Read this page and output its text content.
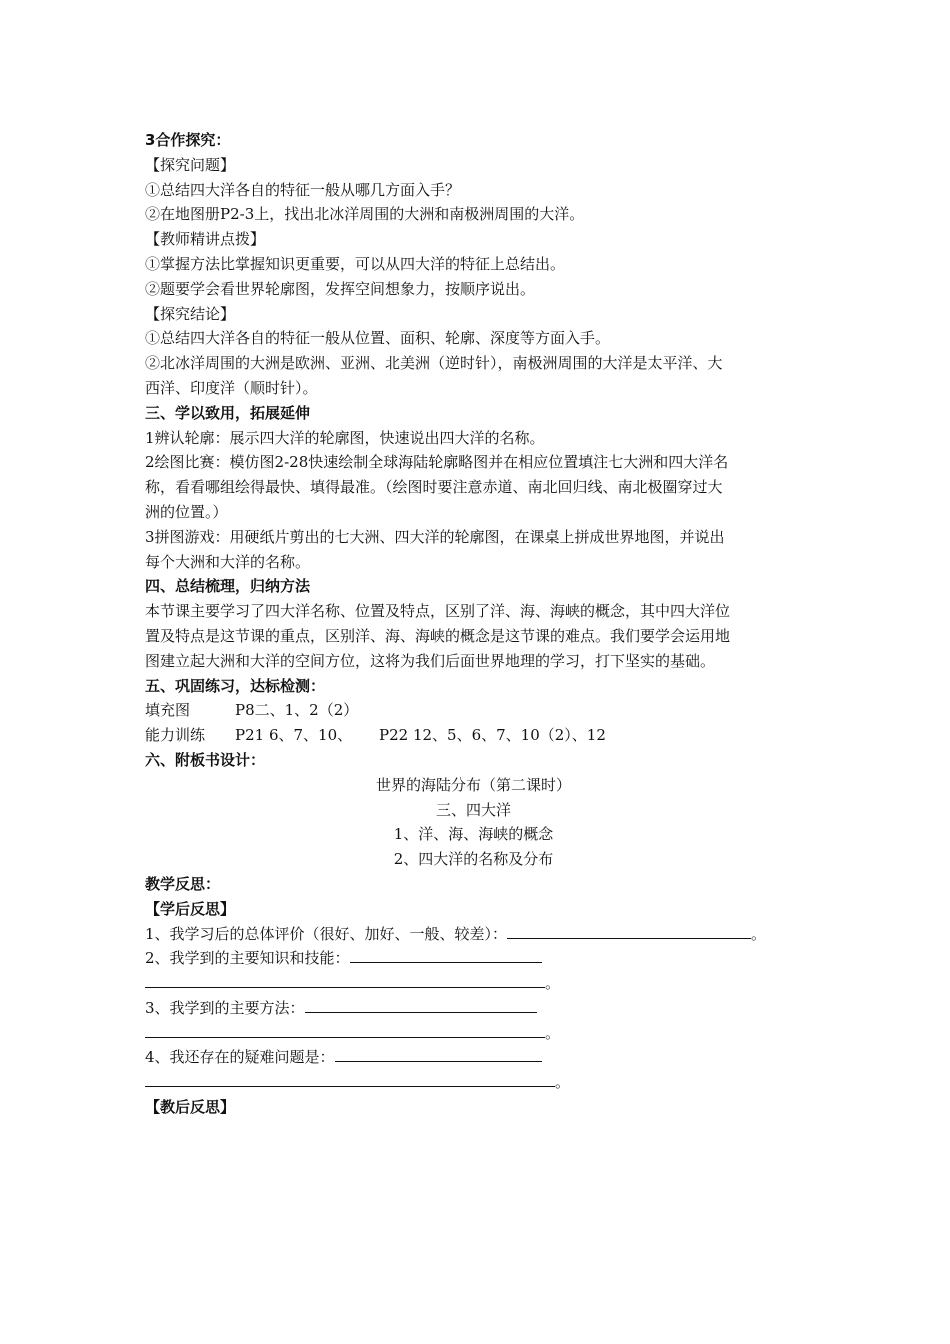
3合作探究：
【探究问题】
①总结四大洋各自的特征一般从哪几方面入手？
②在地图册P2-3上，找出北冰洋周围的大洲和南极洲周围的大洋。
【教师精讲点拨】
①掌握方法比掌握知识更重要，可以从四大洋的特征上总结出。
②题要学会看世界轮廓图，发挥空间想象力，按顺序说出。
【探究结论】
①总结四大洋各自的特征一般从位置、面积、轮廓、深度等方面入手。
②北冰洋周围的大洲是欧洲、亚洲、北美洲（逆时针），南极洲周围的大洋是太平洋、大
西洋、印度洋（顺时针）。
三、学以致用，拓展延伸
1辨认轮廓：展示四大洋的轮廓图，快速说出四大洋的名称。
2绘图比赛：模仿图2-28快速绘制全球海陆轮廓略图并在相应位置填注七大洲和四大洋名
称，看看哪组绘得最快、填得最准。（绘图时要注意赤道、南北回归线、南北极圈穿过大
洲的位置。）
3拼图游戏：用硬纸片剪出的七大洲、四大洋的轮廓图，在课桌上拼成世界地图，并说出
每个大洲和大洋的名称。
四、总结梳理，归纳方法
本节课主要学习了四大洋名称、位置及特点，区别了洋、海、海峡的概念，其中四大洋位
置及特点是这节课的重点，区别洋、海、海峡的概念是这节课的难点。我们要学会运用地
图建立起大洲和大洋的空间方位，这将为我们后面世界地理的学习，打下坚实的基础。
五、巩固练习，达标检测：
填充图	P8二、1、2（2）
能力训练 P21 6、7、10、 P22 12、5、6、7、10（2）、12
六、附板书设计：
世界的海陆分布（第二课时）
三、四大洋
1、洋、海、海峡的概念
2、四大洋的名称及分布
教学反思：
【学后反思】
1、我学习后的总体评价（很好、加好、一般、较差）：	。
2、我学到的主要知识和技能：
。
3、我学到的主要方法：
。
4、我还存在的疑难问题是：
。
【教后反思】
